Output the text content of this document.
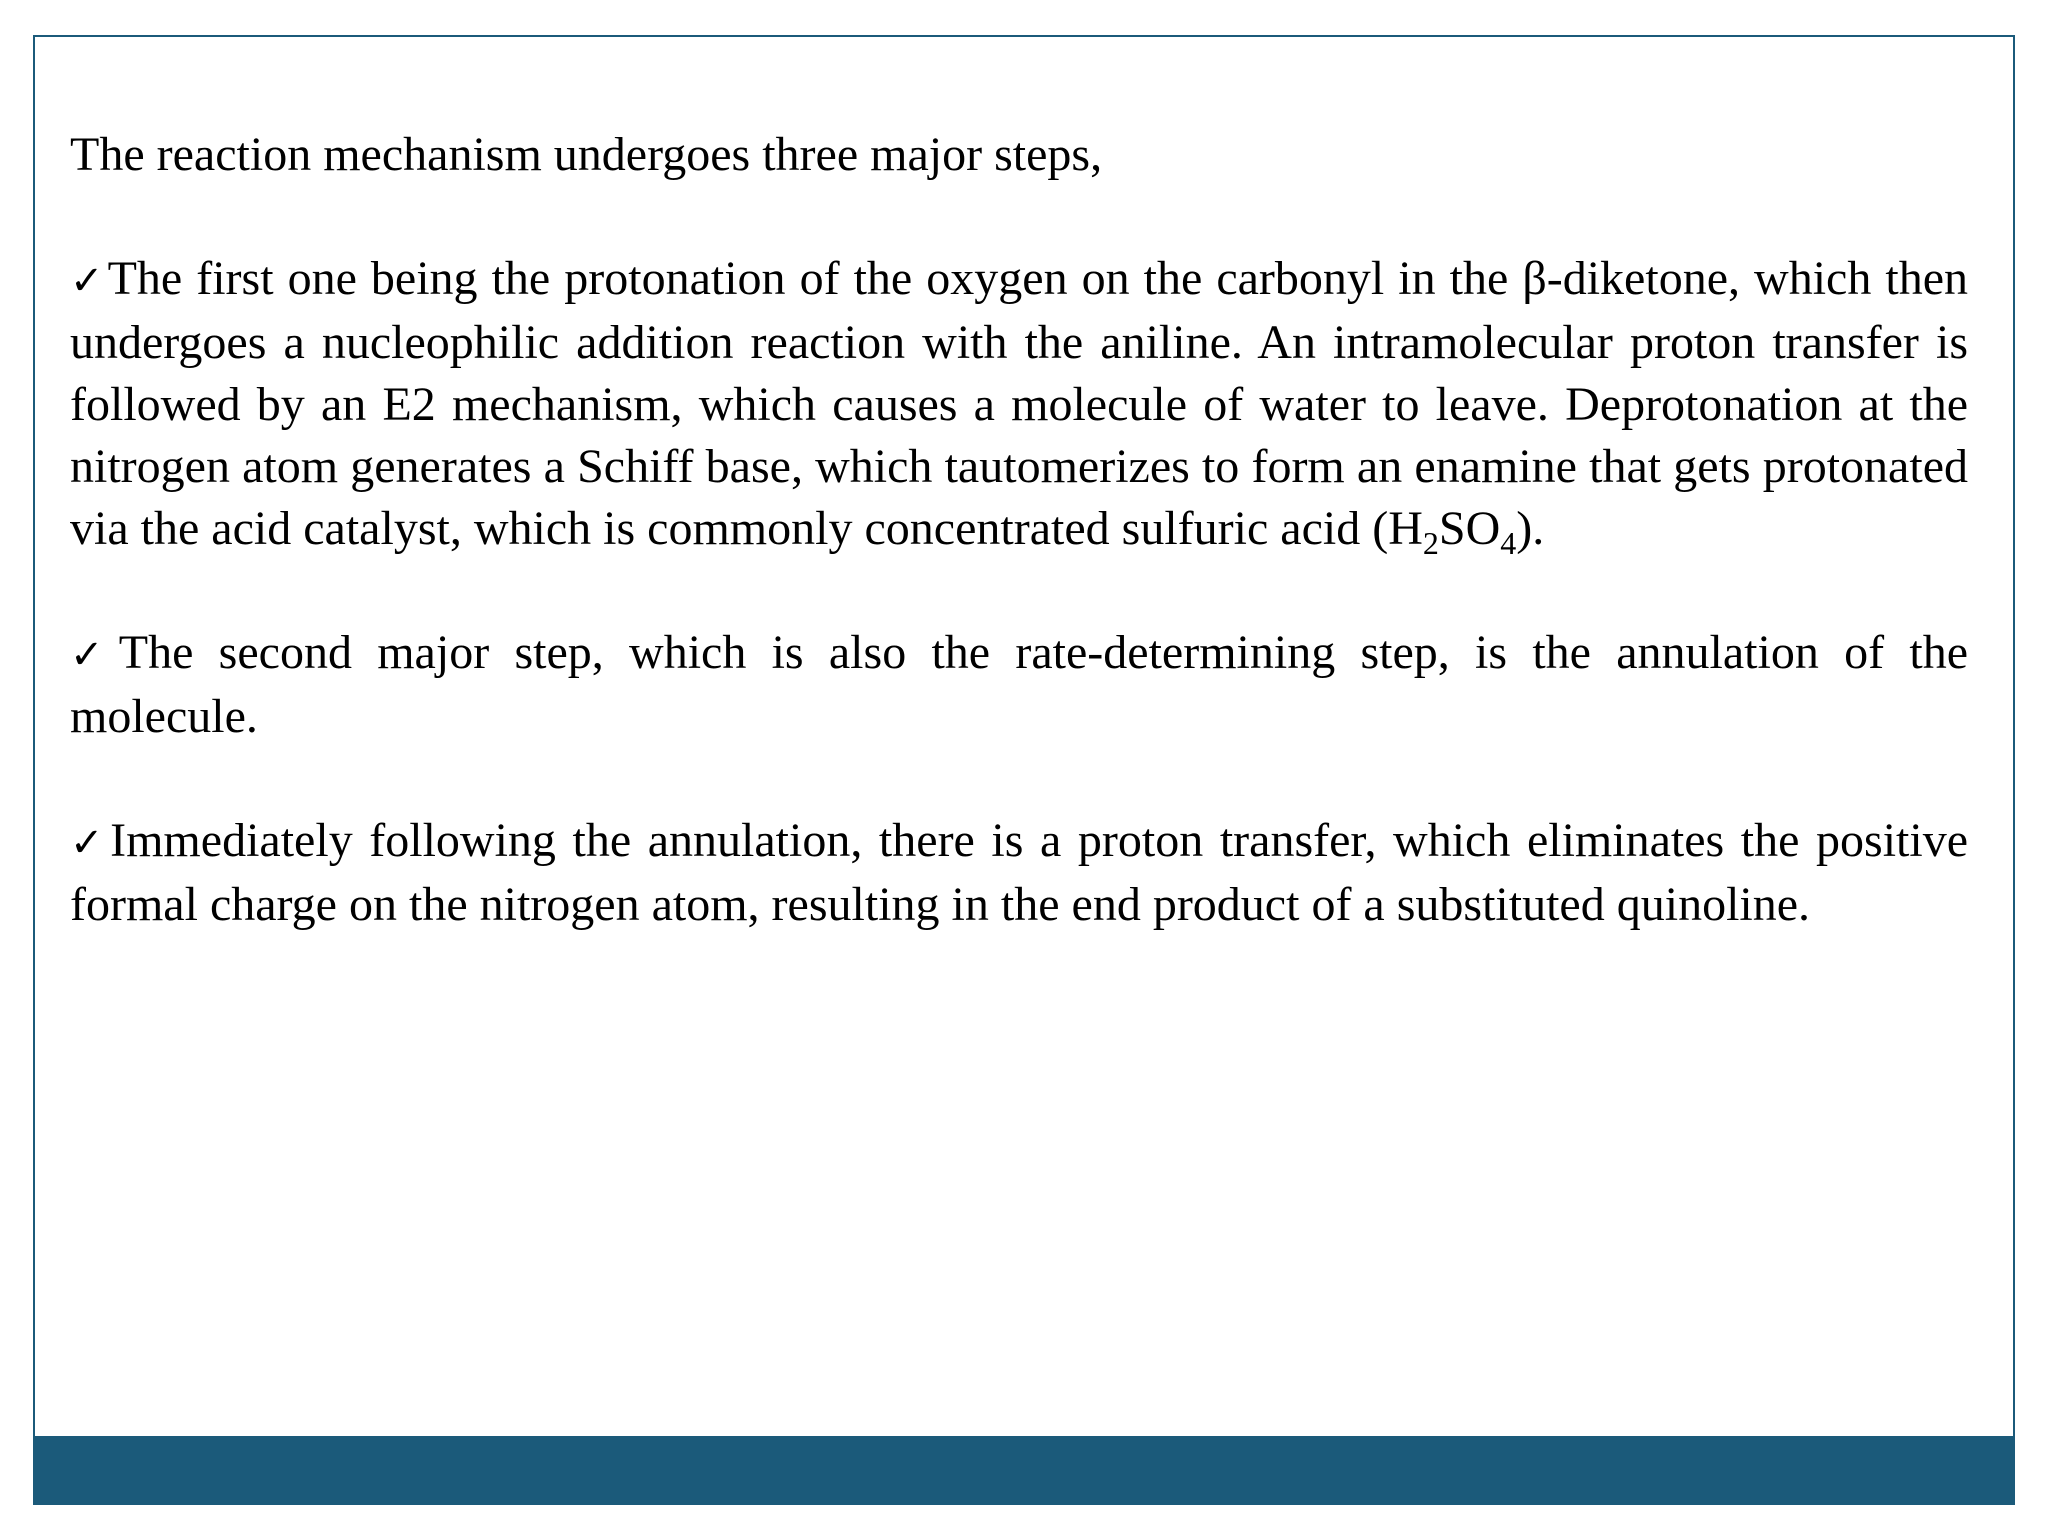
The reaction mechanism undergoes three major steps,

✓The first one being the protonation of the oxygen on the carbonyl in the β-diketone, which then undergoes a nucleophilic addition reaction with the aniline. An intramolecular proton transfer is followed by an E2 mechanism, which causes a molecule of water to leave. Deprotonation at the nitrogen atom generates a Schiff base, which tautomerizes to form an enamine that gets protonated via the acid catalyst, which is commonly concentrated sulfuric acid $(H_2SO_4)$.

✓The second major step, which is also the rate-determining step, is the annulation of the molecule.

✓Immediately following the annulation, there is a proton transfer, which eliminates the positive formal charge on the nitrogen atom, resulting in the end product of a substituted quinoline.
